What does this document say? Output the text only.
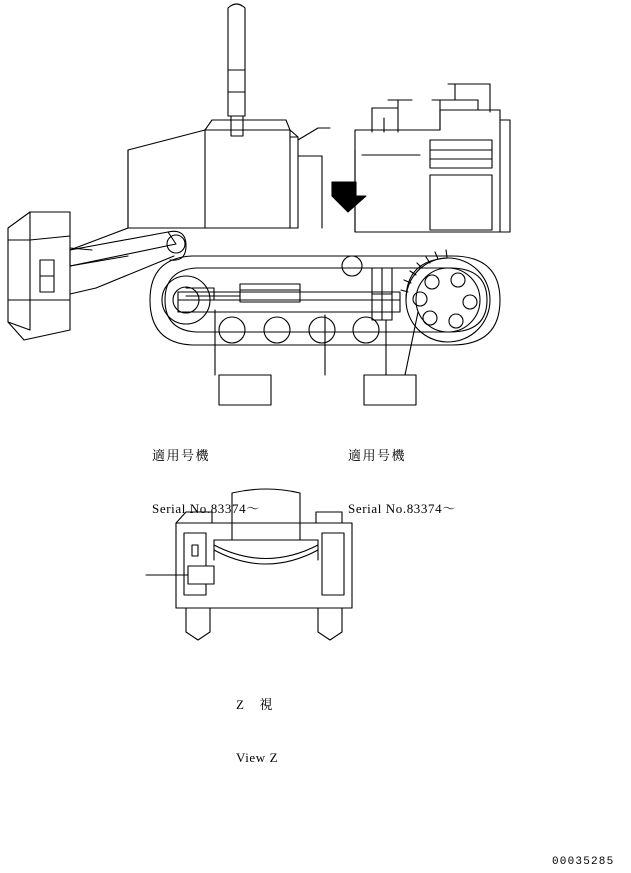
適用号機

Serial No.83374～

適用号機

Serial No.83374～

Z  視

View Z

00035285
